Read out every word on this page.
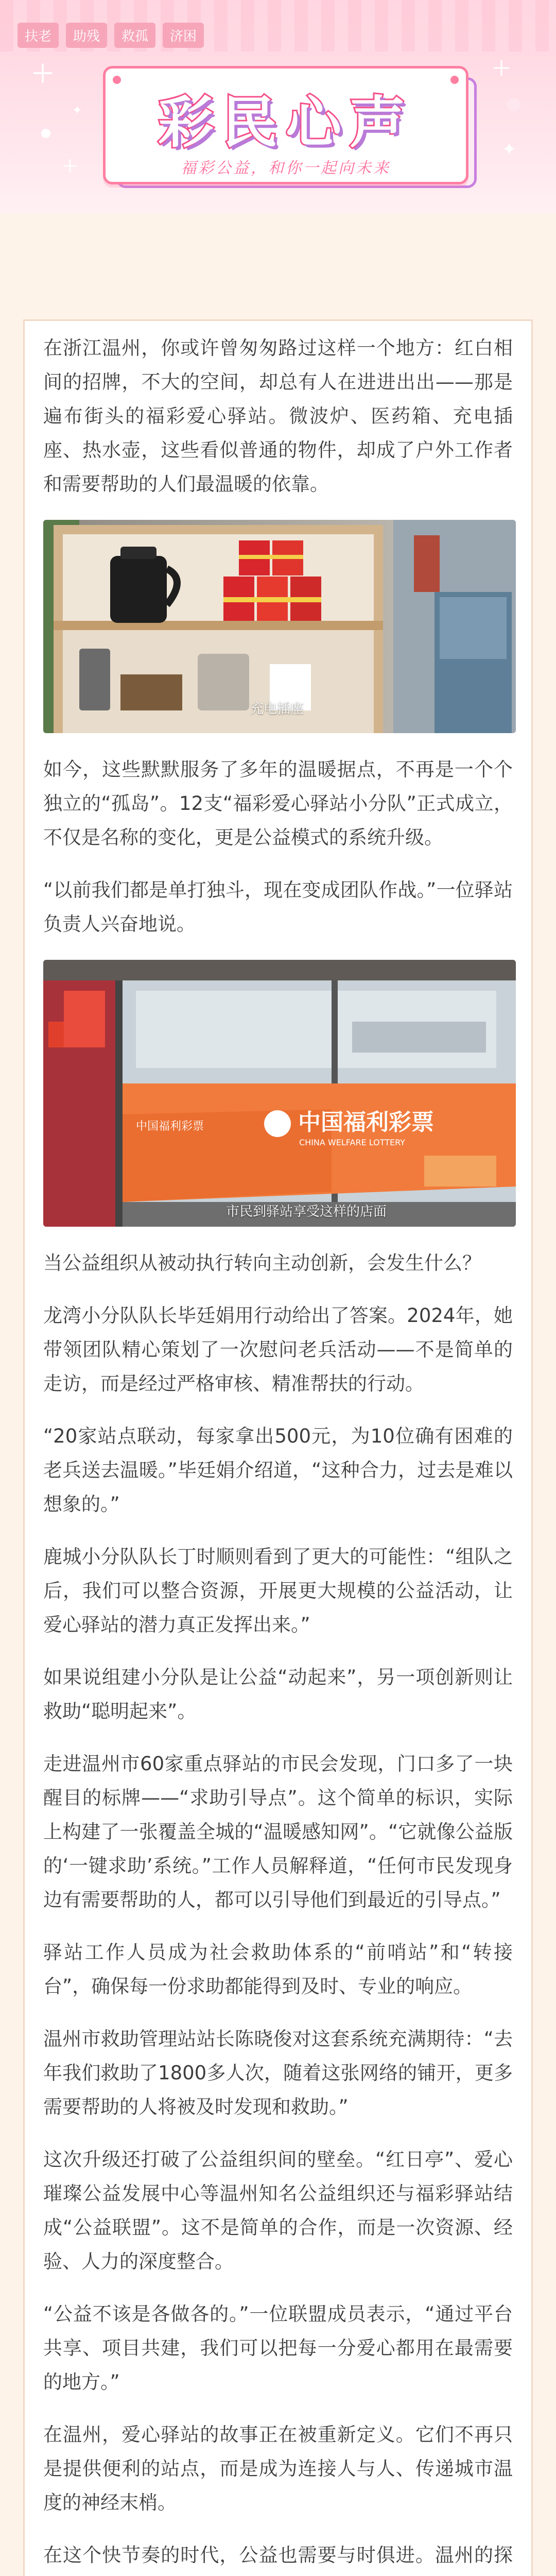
扶老	助残	救孤	济困
＋	＋
＋
✦
✦	彩民心声
福彩公益，和你一起向未来

在浙江温州，你或许曾匆匆路过这样一个地方：红白相间的招牌，不大的空间，却总有人在进进出出——那是遍布街头的福彩爱心驿站。微波炉、医药箱、充电插座、热水壶，这些看似普通的物件，却成了户外工作者和需要帮助的人们最温暖的依靠。

充电插座

如今，这些默默服务了多年的温暖据点，不再是一个个独立的“孤岛”。12支“福彩爱心驿站小分队”正式成立，不仅是名称的变化，更是公益模式的系统升级。

“以前我们都是单打独斗，现在变成团队作战。”一位驿站负责人兴奋地说。

中国福利彩票
CHINA WELFARE LOTTERY
中国福利彩票
市民到驿站享受这样的店面

当公益组织从被动执行转向主动创新，会发生什么？

龙湾小分队队长毕廷娟用行动给出了答案。2024年，她带领团队精心策划了一次慰问老兵活动——不是简单的走访，而是经过严格审核、精准帮扶的行动。

“20家站点联动，每家拿出500元，为10位确有困难的老兵送去温暖。”毕廷娟介绍道，“这种合力，过去是难以想象的。”

鹿城小分队队长丁时顺则看到了更大的可能性：“组队之后，我们可以整合资源，开展更大规模的公益活动，让爱心驿站的潜力真正发挥出来。”

如果说组建小分队是让公益“动起来”，另一项创新则让救助“聪明起来”。

走进温州市60家重点驿站的市民会发现，门口多了一块醒目的标牌——“求助引导点”。这个简单的标识，实际上构建了一张覆盖全城的“温暖感知网”。“它就像公益版的‘一键求助’系统。”工作人员解释道，“任何市民发现身边有需要帮助的人，都可以引导他们到最近的引导点。”

驿站工作人员成为社会救助体系的“前哨站”和“转接台”，确保每一份求助都能得到及时、专业的响应。

温州市救助管理站站长陈晓俊对这套系统充满期待：“去年我们救助了1800多人次，随着这张网络的铺开，更多需要帮助的人将被及时发现和救助。”

这次升级还打破了公益组织间的壁垒。“红日亭”、爱心璀璨公益发展中心等温州知名公益组织还与福彩驿站结成“公益联盟”。这不是简单的合作，而是一次资源、经验、人力的深度整合。

“公益不该是各做各的。”一位联盟成员表示，“通过平台共享、项目共建，我们可以把每一分爱心都用在最需要的地方。”

在温州，爱心驿站的故事正在被重新定义。它们不再只是提供便利的站点，而是成为连接人与人、传递城市温度的神经末梢。

在这个快节奏的时代，公益也需要与时俱进。温州的探
